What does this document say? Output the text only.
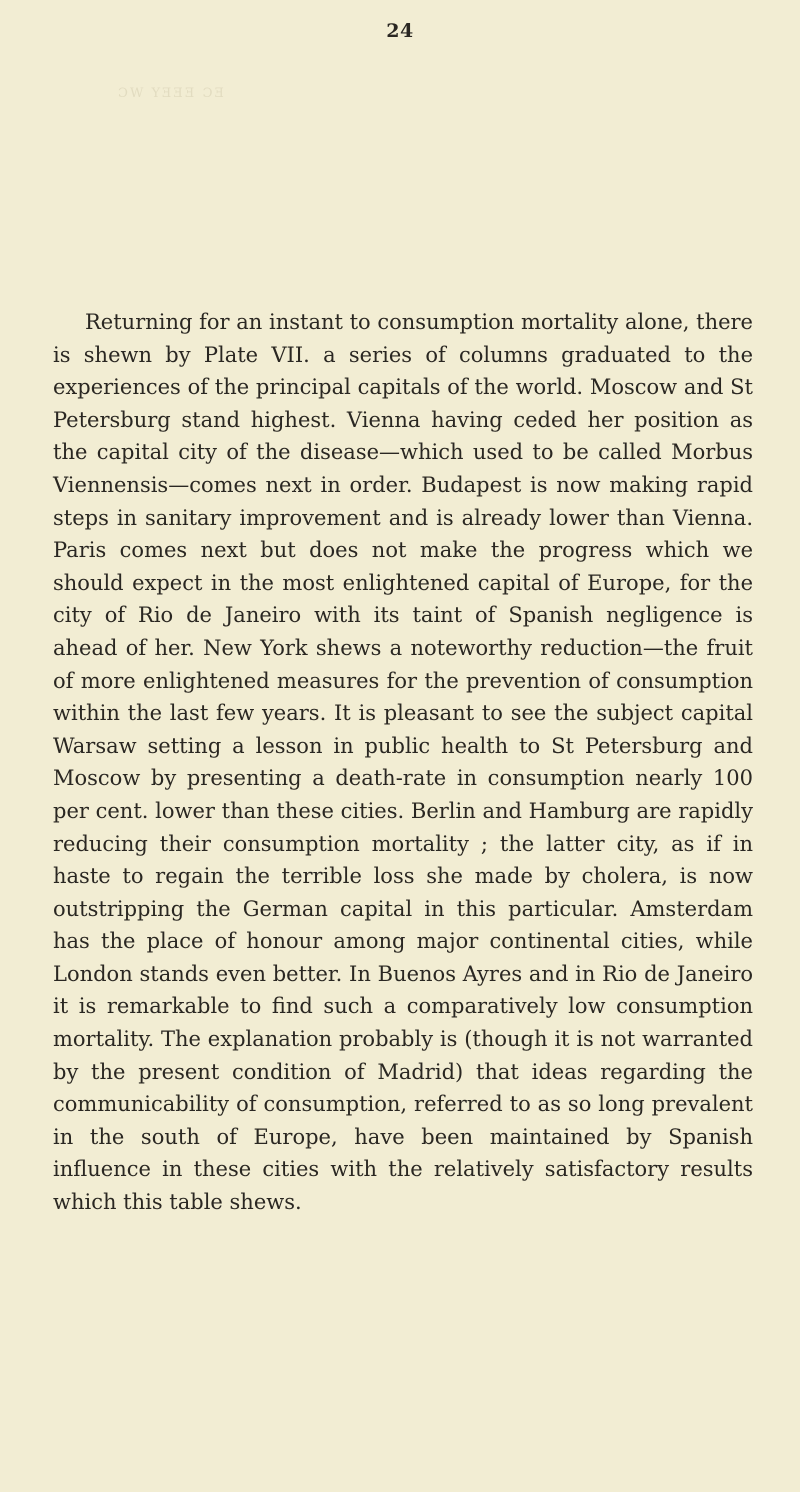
24
ƆW YƎƎƎ ƆƎ

Returning for an instant to consumption mortality alone, there is shewn by Plate VII. a series of columns graduated to the experiences of the principal capitals of the world. Moscow and St Petersburg stand highest. Vienna having ceded her position as the capital city of the disease—which used to be called Morbus Viennensis—comes next in order. Budapest is now making rapid steps in sanitary improvement and is already lower than Vienna. Paris comes next but does not make the progress which we should expect in the most enlightened capital of Europe, for the city of Rio de Janeiro with its taint of Spanish negligence is ahead of her. New York shews a noteworthy reduction—the fruit of more enlightened measures for the prevention of consumption within the last few years. It is pleasant to see the subject capital Warsaw setting a lesson in public health to St Petersburg and Moscow by presenting a death-rate in consumption nearly 100 per cent. lower than these cities. Berlin and Hamburg are rapidly reducing their consumption mortality ; the latter city, as if in haste to regain the terrible loss she made by cholera, is now outstripping the German capital in this particular. Amsterdam has the place of honour among major continental cities, while London stands even better. In Buenos Ayres and in Rio de Janeiro it is remarkable to find such a comparatively low consumption mortality. The explanation probably is (though it is not warranted by the present condition of Madrid) that ideas regarding the communicability of consumption, referred to as so long prevalent in the south of Europe, have been maintained by Spanish influence in these cities with the relatively satisfactory results which this table shews.
